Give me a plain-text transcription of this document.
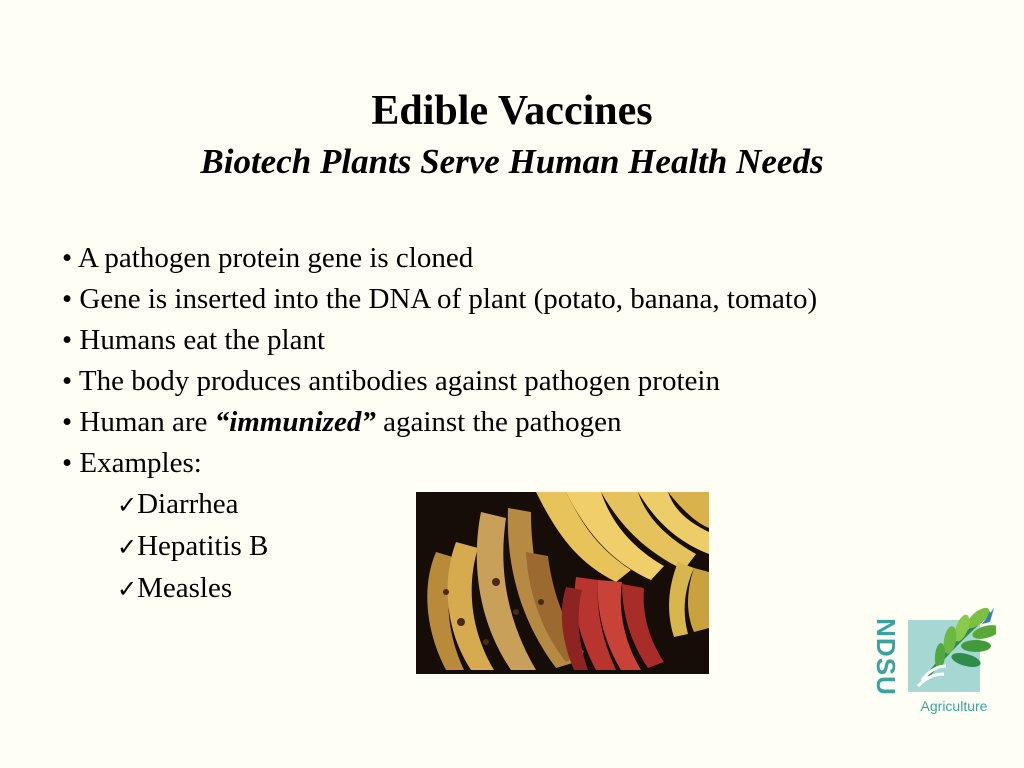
Edible Vaccines
Biotech Plants Serve Human Health Needs
• A pathogen protein gene is cloned
• Gene is inserted into the DNA of plant (potato, banana, tomato)
• Humans eat the plant
• The body produces antibodies against pathogen protein
• Human are “immunized” against the pathogen
• Examples:
✓Diarrhea
✓Hepatitis B
✓Measles
NDSU
Agriculture
